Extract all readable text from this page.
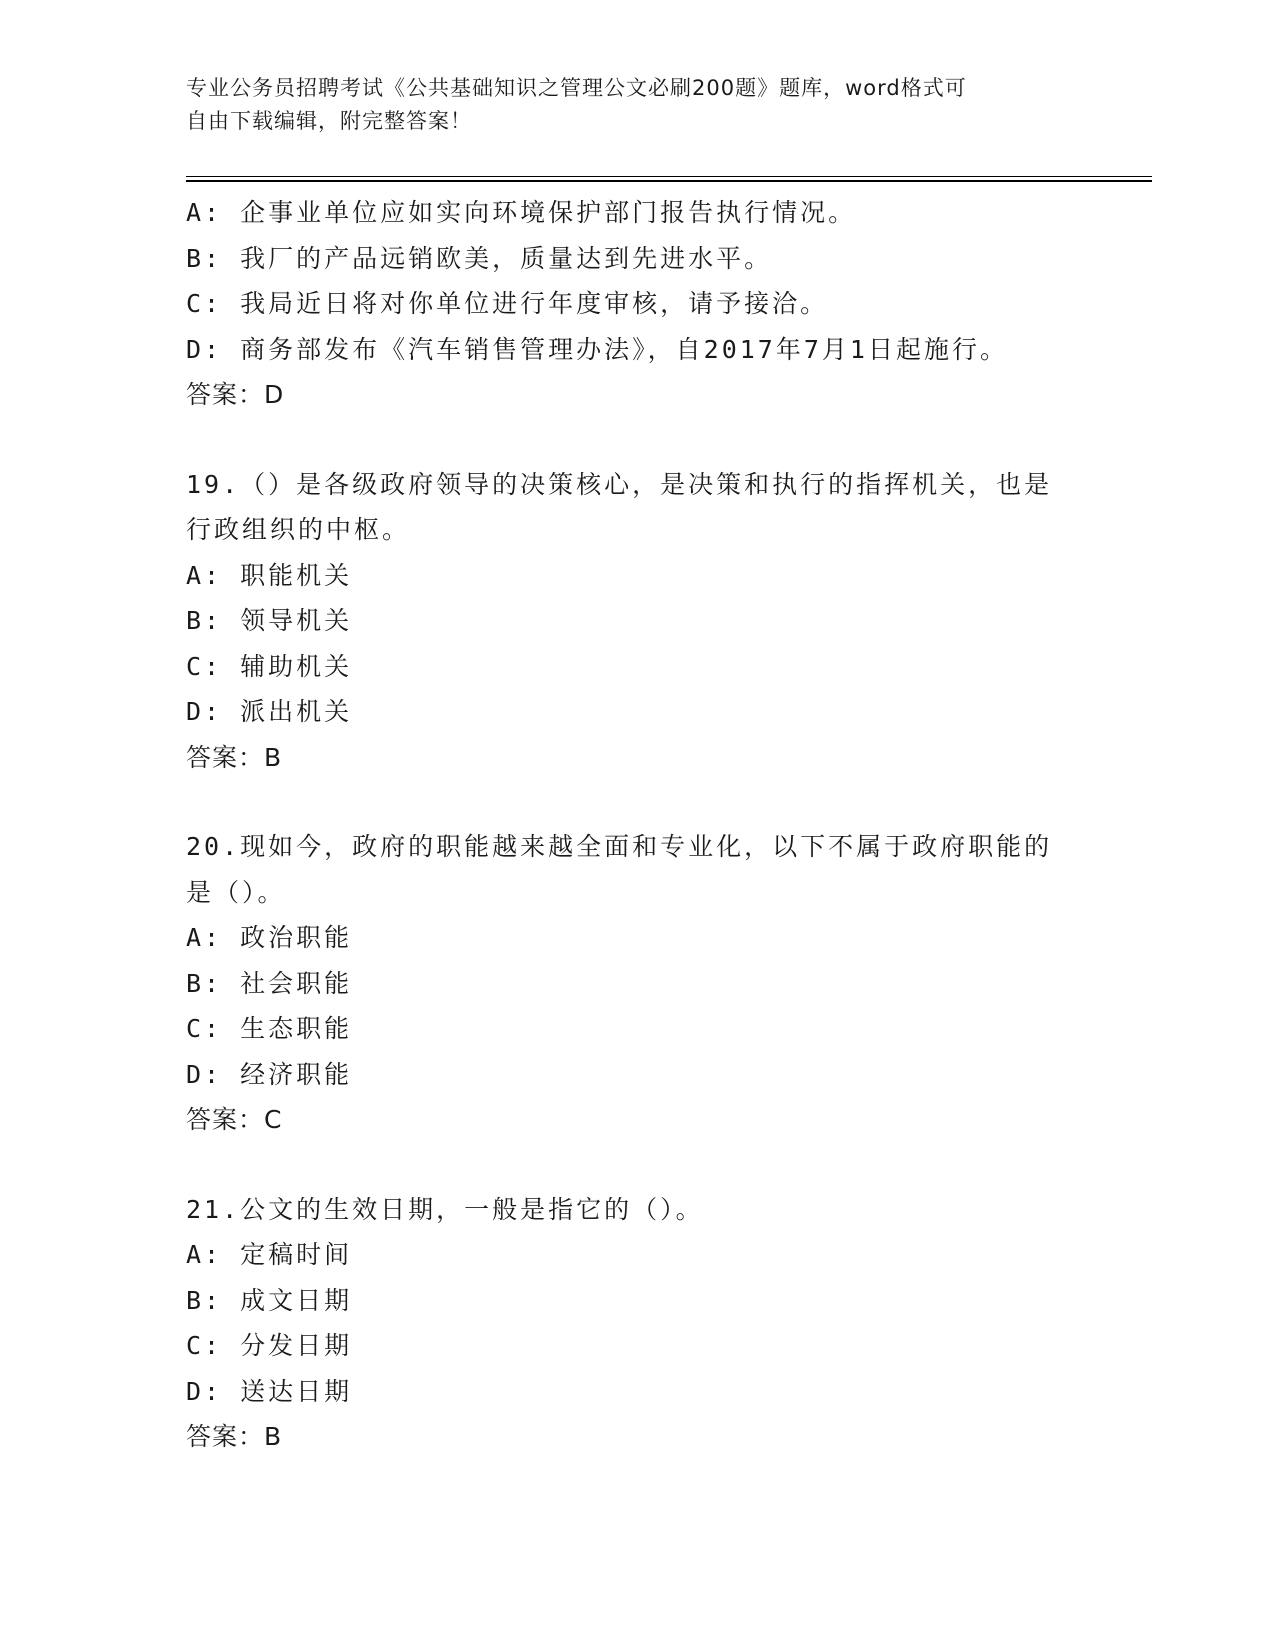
专业公务员招聘考试《公共基础知识之管理公文必刷200题》题库，word格式可
自由下载编辑，附完整答案！
A: 企事业单位应如实向环境保护部门报告执行情况。
B: 我厂的产品远销欧美，质量达到先进水平。
C: 我局近日将对你单位进行年度审核，请予接洽。
D: 商务部发布《汽车销售管理办法》，自2017年7月1日起施行。
答案：D
19.（）是各级政府领导的决策核心，是决策和执行的指挥机关，也是
行政组织的中枢。
A: 职能机关
B: 领导机关
C: 辅助机关
D: 派出机关
答案：B
20.现如今，政府的职能越来越全面和专业化，以下不属于政府职能的
是（）。
A: 政治职能
B: 社会职能
C: 生态职能
D: 经济职能
答案：C
21.公文的生效日期，一般是指它的（）。
A: 定稿时间
B: 成文日期
C: 分发日期
D: 送达日期
答案：B
